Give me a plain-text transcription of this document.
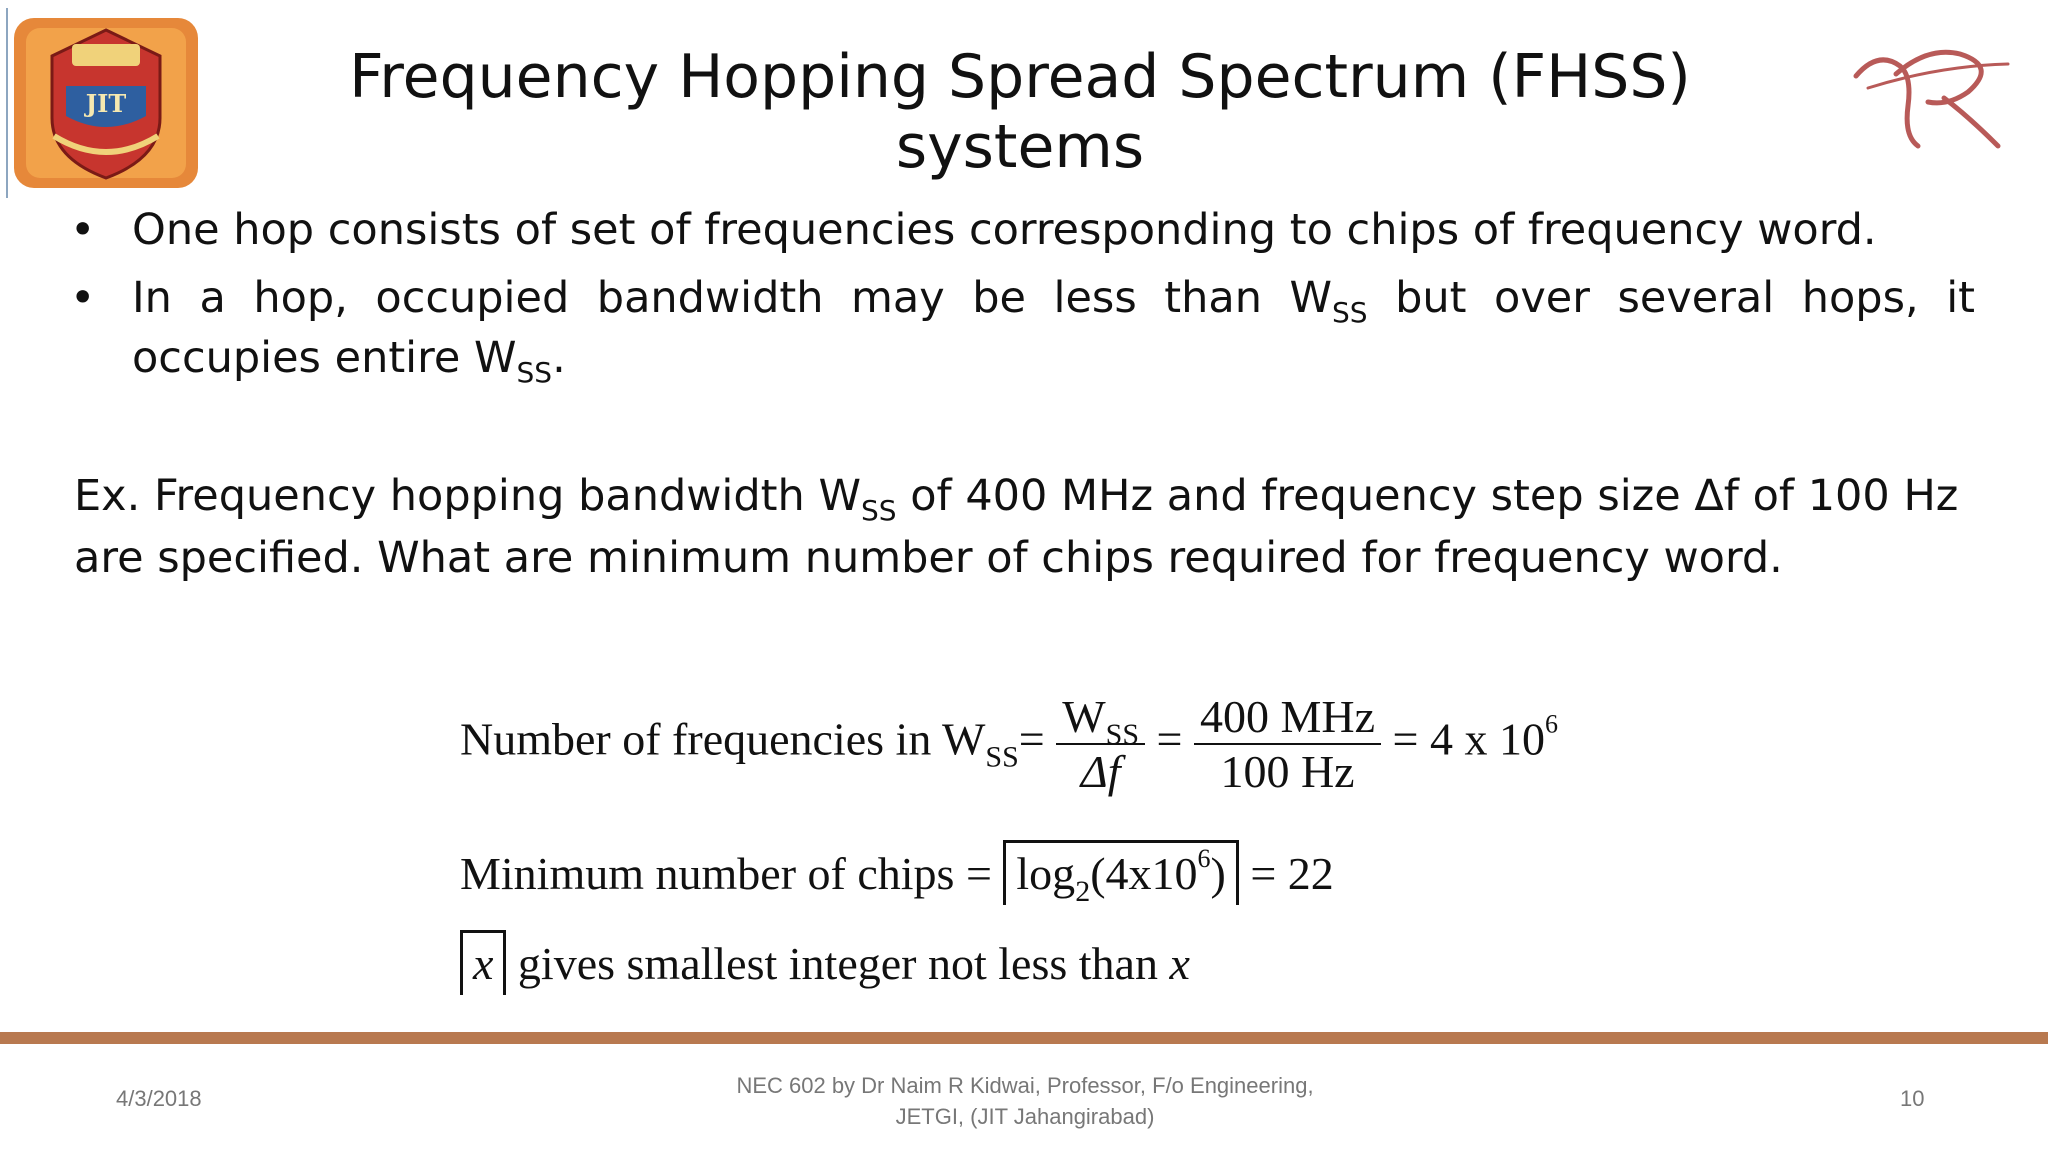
JIT	Frequency Hopping Spread Spectrum (FHSS) systems
• One hop consists of set of frequencies corresponding to chips of frequency word.
• In a hop, occupied bandwidth may be less than $W_{SS}$ but over several hops, it occupies entire $W_{SS}$.
Ex. Frequency hopping bandwidth $W_{SS}$ of 400 MHz and frequency step size Δf of 100 Hz are specified. What are minimum number of chips required for frequency word.
Number of frequencies in $W_{SS}= \frac{W_{SS}}{\Delta f} = \frac{\text{400 MHz}}{100 Hz} = 4$ x $10^6$
Minimum number of chips = $\log_2(4x10^6) = 22$
x gives smallest integer not less than x
4/3/2018
NEC 602 by Dr Naim R Kidwai, Professor, F/o Engineering,
JETGI, (JIT Jahangirabad)
10
